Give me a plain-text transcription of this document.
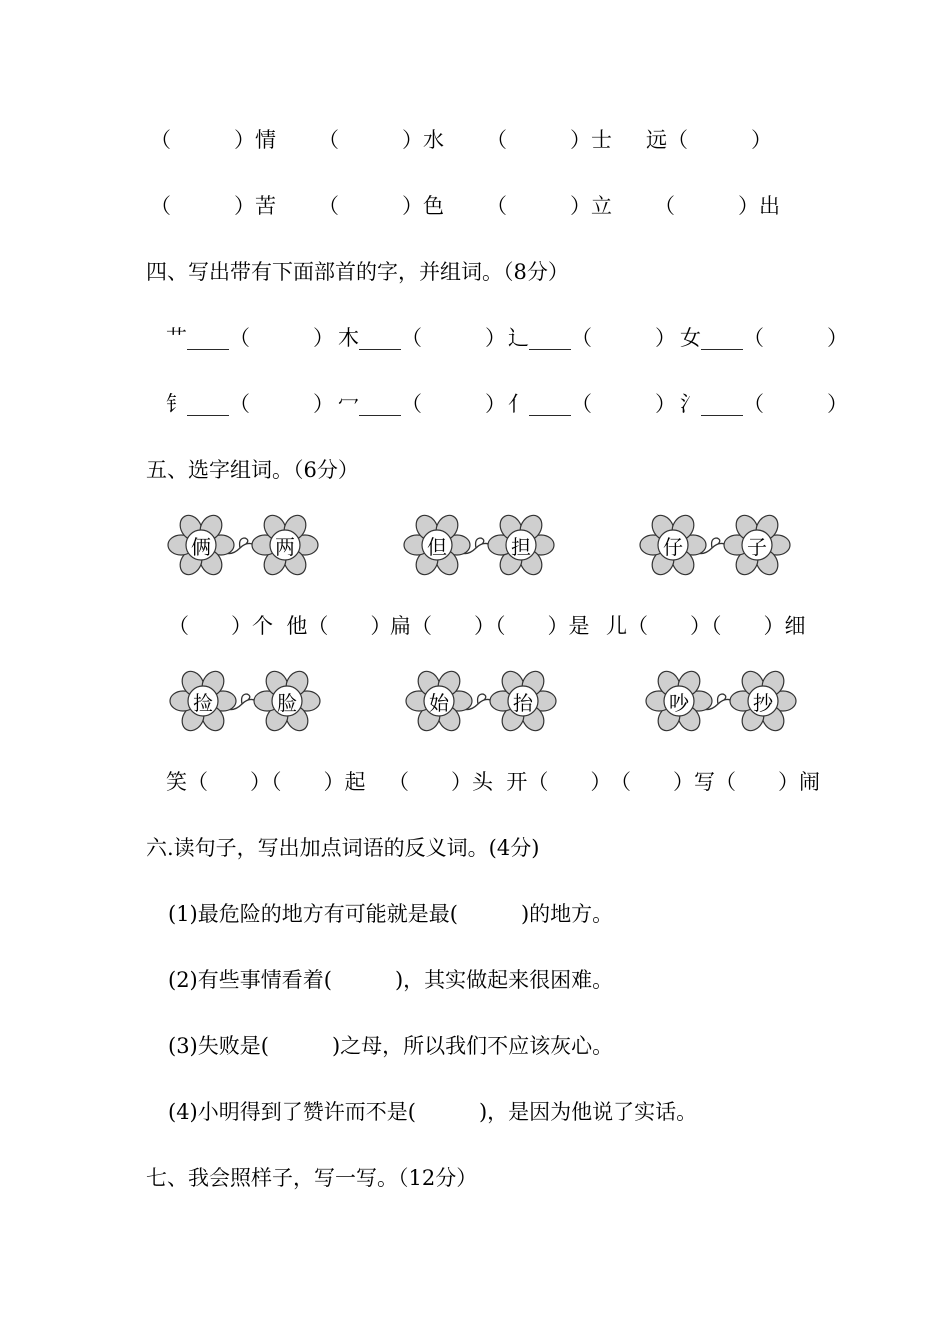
（　　　）情 （　　　）水 （　　　）士 远（　　　）
（　　　）苦 （　　　）色 （　　　）立 （　　　）出
四、写出带有下面部首的字，并组词。（8分）
艹____（　　　） 木____（　　　） 辶____（　　　） 女____（　　　）
钅____（　　　） 冖____（　　　） 亻____（　　　） 氵____（　　　）
五、选字组词。（6分）
俩	两	但	担	仔	子
（　　）个  他（　　）
扁（　　）（　　）是 儿（　　）（　　）细
捡	脸	始	抬	吵	抄
笑（　　）（　　）起 （　　）头  开（　　）
（　　）写（　　）闹
六.读句子，写出加点词语的反义词。(4分)
(1)最危险的地方有可能就是最(　　　)的地方。
(2)有些事情看着(　　　)，其实做起来很困难。
(3)失败是(　　　)之母，所以我们不应该灰心。
(4)小明得到了赞许而不是(　　　)，是因为他说了实话。
七、我会照样子，写一写。（12分）
